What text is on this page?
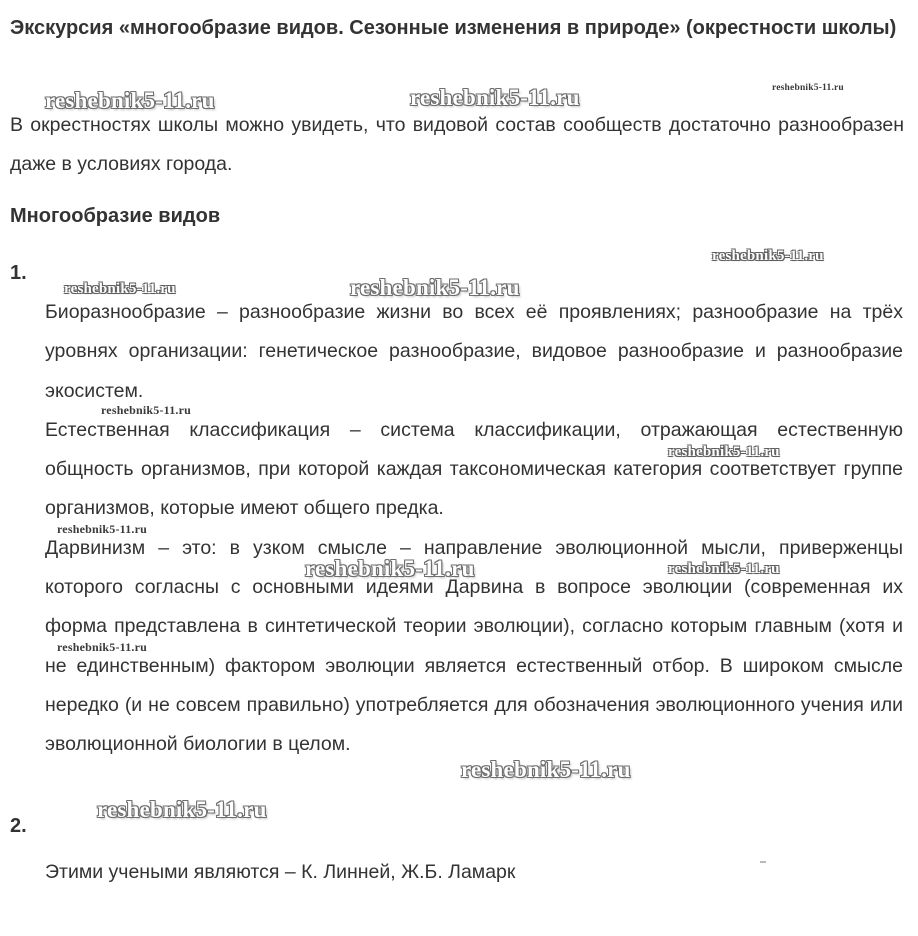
Экскурсия «многообразие видов. Сезонные изменения в природе» (окрестности школы)

В окрестностях школы можно увидеть, что видовой состав сообществ достаточно разнообразен даже в условиях города.

Многообразие видов
1.

Биоразнообразие – разнообразие жизни во всех её проявлениях; разнообразие на трёх уровнях организации: генетическое разнообразие, видовое разнообразие и разнообразие экосистем.

Естественная классификация – система классификации, отражающая естественную общность организмов, при которой каждая таксономическая категория соответствует группе организмов, которые имеют общего предка.

Дарвинизм – это: в узком смысле – направление эволюционной мысли, приверженцы которого согласны с основными идеями Дарвина в вопросе эволюции (современная их форма представлена в синтетической теории эволюции), согласно которым главным (хотя и не единственным) фактором эволюции является естественный отбор. В широком смысле нередко (и не совсем правильно) употребляется для обозначения эволюционного учения или эволюционной биологии в целом.

2.

Этими учеными являются – К. Линней, Ж.Б. Ламарк

reshebnik5-11.ru	reshebnik5-11.ru	reshebnik5-11.ru
reshebnik5-11.ru
reshebnik5-11.ru	reshebnik5-11.ru
reshebnik5-11.ru
reshebnik5-11.ru
reshebnik5-11.ru
reshebnik5-11.ru	reshebnik5-11.ru
reshebnik5-11.ru
reshebnik5-11.ru
reshebnik5-11.ru
